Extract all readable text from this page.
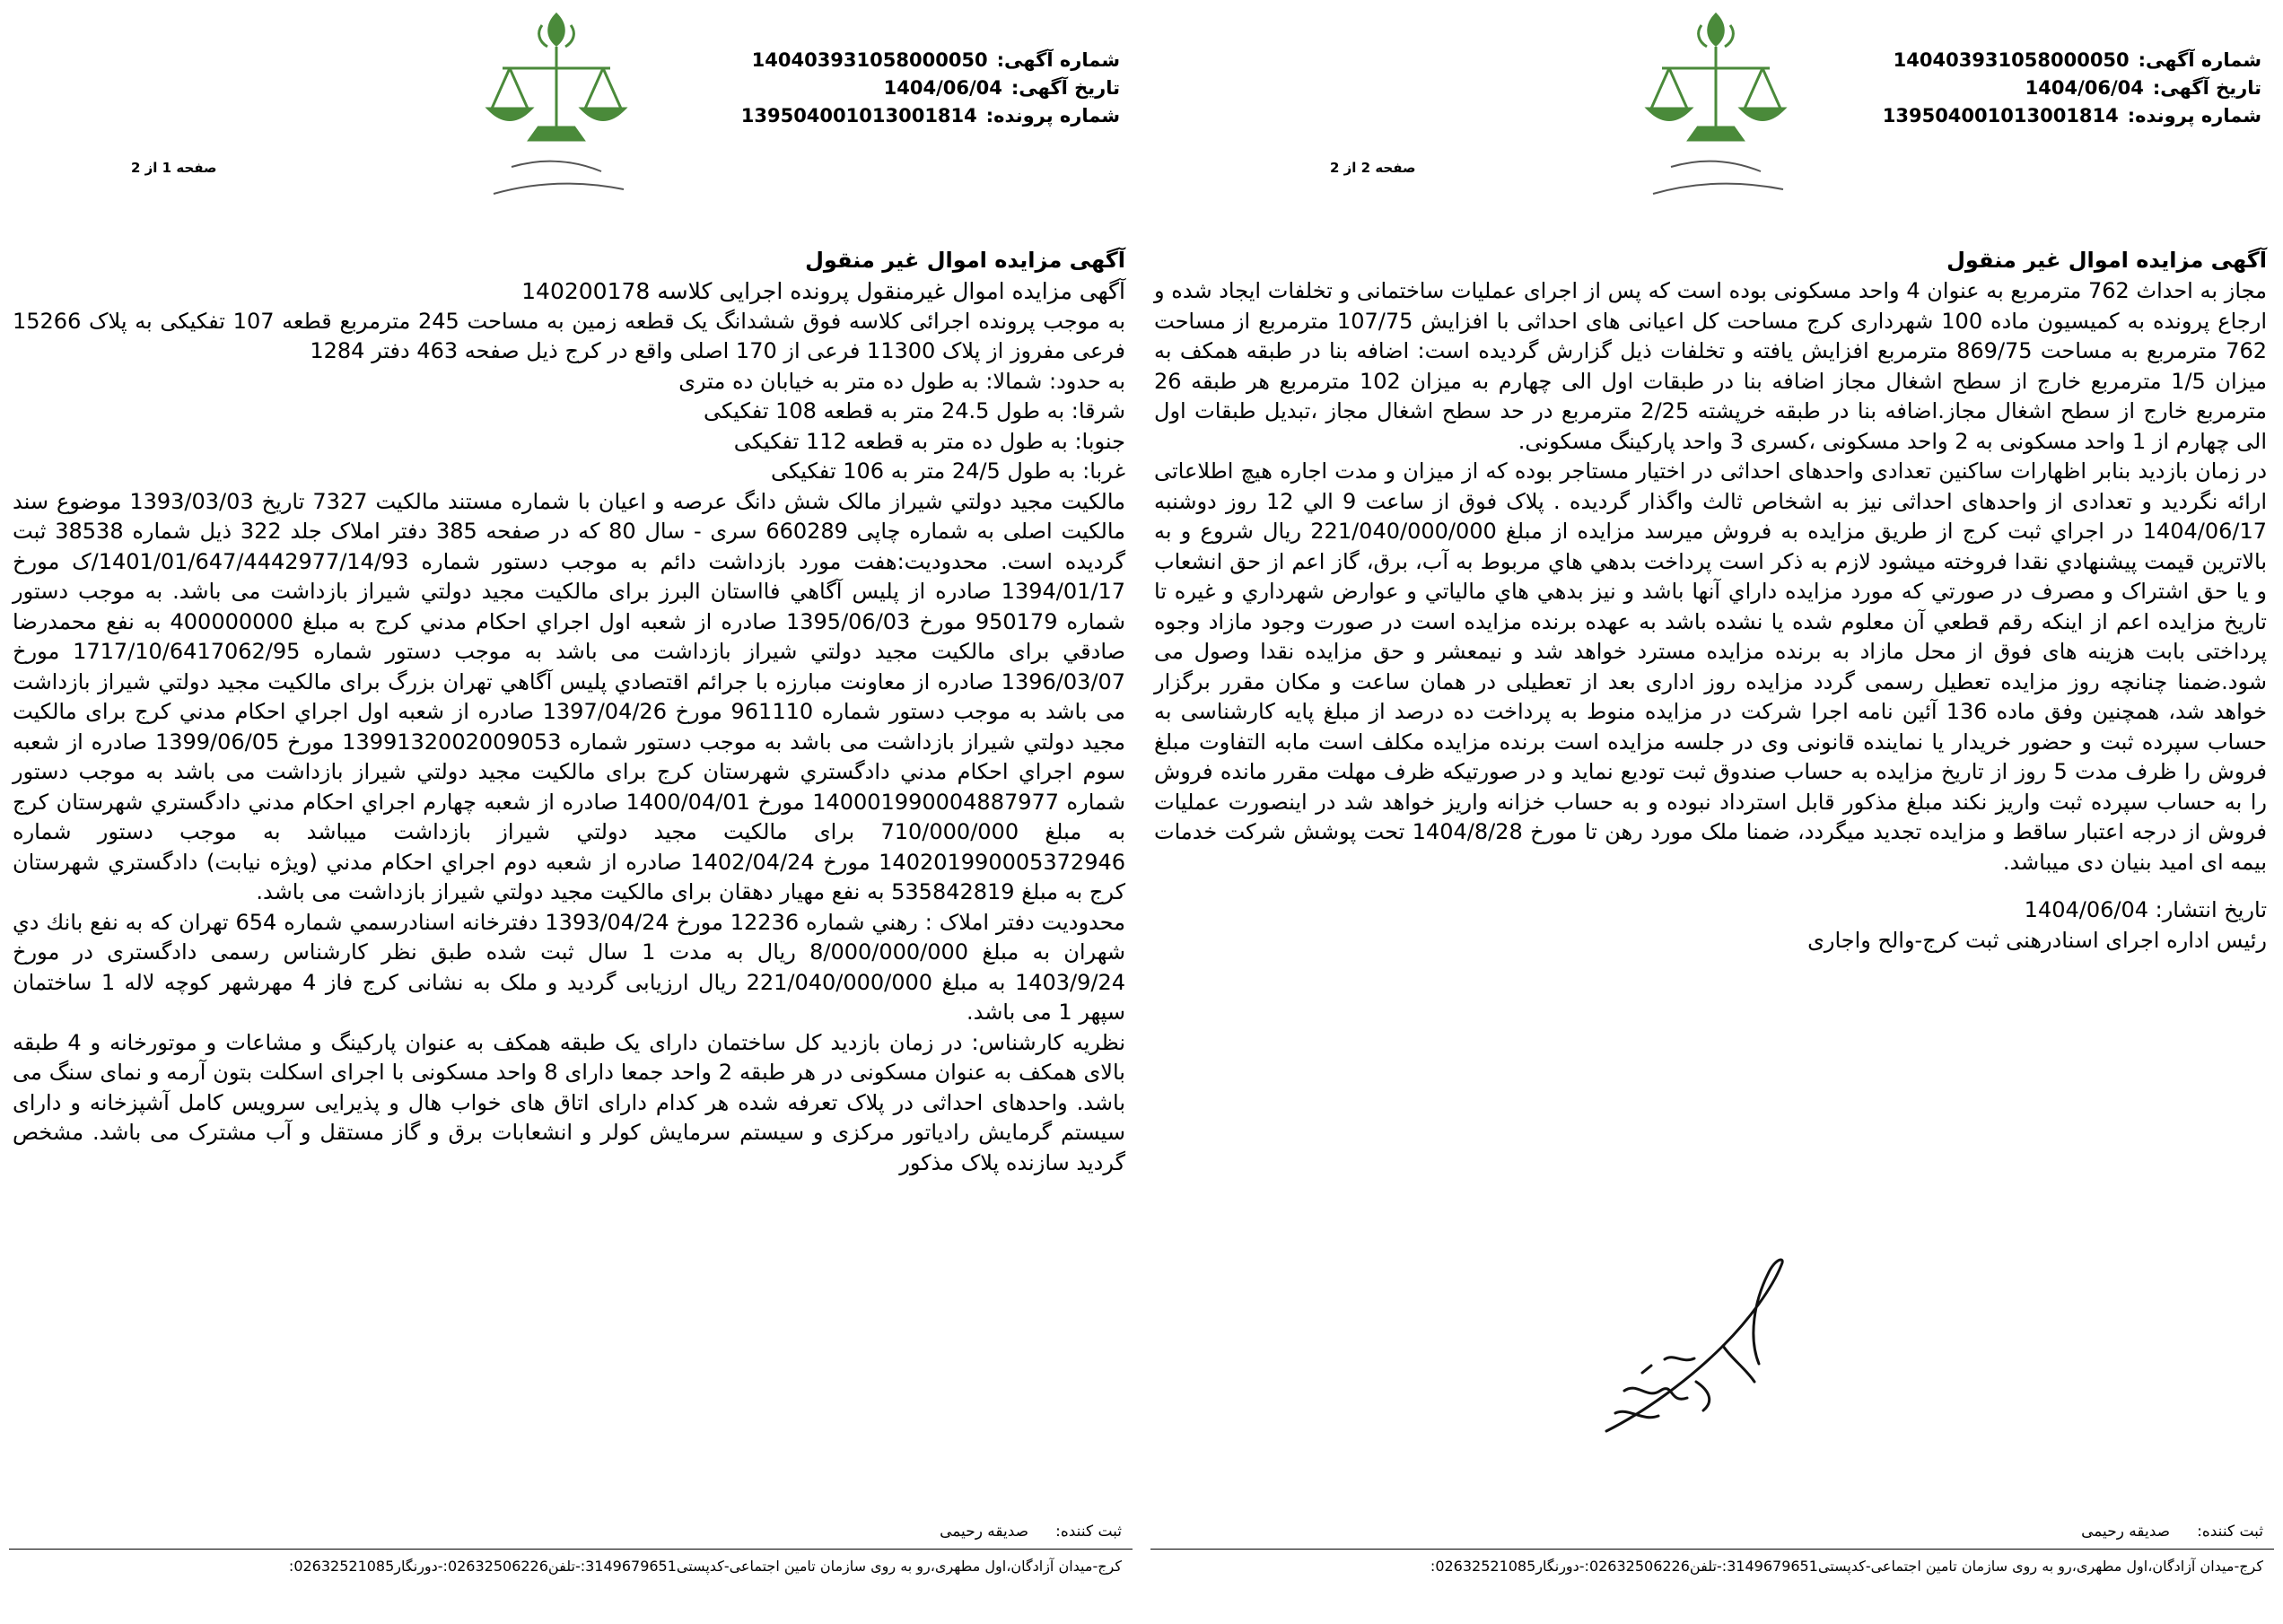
شماره آگهی:140403931058000050
تاریخ آگهی:1404/06/04
شماره پرونده:139504001013001814
صفحه 1 از 2
آگهی مزایده اموال غیر منقول

آگهی مزایده اموال غیرمنقول پرونده اجرایی کلاسه 140200178

به موجب پرونده اجرائی کلاسه فوق ششدانگ یک قطعه زمین به مساحت 245 مترمربع قطعه 107 تفکیکی به پلاک 15266 فرعی مفروز از پلاک 11300 فرعی از 170 اصلی واقع در کرج ذیل صفحه 463 دفتر 1284

به حدود: شمالا: به طول ده متر به خیابان ده متری

شرقا: به طول 24.5 متر به قطعه 108 تفکیکی

جنوبا: به طول ده متر به قطعه 112 تفکیکی

غربا: به طول 24/5 متر به 106 تفکیکی

مالکیت مجید دولتي شیراز مالک شش دانگ عرصه و اعیان با شماره مستند مالکیت 7327 تاریخ 1393/03/03 موضوع سند مالکیت اصلی به شماره چاپی 660289 سری - سال 80 که در صفحه 385 دفتر املاک جلد 322 ذیل شماره 38538 ثبت گردیده است. محدودیت:هفت مورد بازداشت دائم به موجب دستور شماره 1401/01/647/4442977/14/93/ک مورخ 1394/01/17 صادره از پلیس آگاهي فااستان البرز برای مالکیت مجید دولتي شیراز بازداشت می باشد. به موجب دستور شماره 950179 مورخ 1395/06/03 صادره از شعبه اول اجراي احكام مدني كرج به مبلغ 400000000 به نفع محمدرضا صادقي برای مالکیت مجید دولتي شیراز بازداشت می باشد به موجب دستور شماره 1717/10/6417062/95 مورخ 1396/03/07 صادره از معاونت مبارزه با جرائم اقتصادي پلیس آگاهي تهران بزرگ برای مالکیت مجید دولتي شیراز بازداشت می باشد به موجب دستور شماره 961110 مورخ 1397/04/26 صادره از شعبه اول اجراي احكام مدني كرج برای مالکیت مجید دولتي شیراز بازداشت می باشد به موجب دستور شماره 1399132002009053 مورخ 1399/06/05 صادره از شعبه سوم اجراي احكام مدني دادگستري شهرستان كرج برای مالکیت مجید دولتي شیراز بازداشت می باشد به موجب دستور شماره 140001990004887977 مورخ 1400/04/01 صادره از شعبه چهارم اجراي احكام مدني دادگستري شهرستان كرج به مبلغ 710/000/000 برای مالکیت مجید دولتي شیراز بازداشت میباشد به موجب دستور شماره 140201990005372946 مورخ 1402/04/24 صادره از شعبه دوم اجراي احكام مدني (ویژه نیابت) دادگستري شهرستان كرج به مبلغ 535842819 به نفع مهیار دهقان برای مالکیت مجید دولتي شیراز بازداشت می باشد.

محدودیت دفتر املاک : رهني شماره 12236 مورخ 1393/04/24 دفترخانه اسنادرسمي شماره 654 تهران که به نفع بانك دي شهران به مبلغ 8/000/000/000 ریال به مدت 1 سال ثبت شده طبق نظر کارشناس رسمی دادگستری در مورخ 1403/9/24 به مبلغ 221/040/000/000 ریال ارزیابی گردید و ملک به نشانی کرج فاز 4 مهرشهر کوچه لاله 1 ساختمان سپهر 1 می باشد.

نظریه کارشناس: در زمان بازدید کل ساختمان دارای یک طبقه همکف به عنوان پارکینگ و مشاعات و موتورخانه و 4 طبقه بالای همکف به عنوان مسکونی در هر طبقه 2 واحد جمعا دارای 8 واحد مسکونی با اجرای اسکلت بتون آرمه و نمای سنگ می باشد. واحدهای احداثی در پلاک تعرفه شده هر کدام دارای اتاق های خواب هال و پذیرایی سرویس کامل آشپزخانه و دارای سیستم گرمایش رادیاتور مرکزی و سیستم سرمایش کولر و انشعابات برق و گاز مستقل و آب مشترک می باشد. مشخص گردید سازنده پلاک مذکور

ثبت کننده:صدیقه رحیمی
کرج-میدان آزادگان،اول مطهری،رو به روی سازمان تامین اجتماعی-کدپستی3149679651:-تلفن02632506226:-دورنگار02632521085:
شماره آگهی:140403931058000050
تاریخ آگهی:1404/06/04
شماره پرونده:139504001013001814
صفحه 2 از 2
آگهی مزایده اموال غیر منقول

مجاز به احداث 762 مترمربع به عنوان 4 واحد مسکونی بوده است که پس از اجرای عملیات ساختمانی و تخلفات ایجاد شده و ارجاع پرونده به کمیسیون ماده 100 شهرداری کرج مساحت کل اعیانی های احداثی با افزایش 107/75 مترمربع از مساحت 762 مترمربع به مساحت 869/75 مترمربع افزایش یافته و تخلفات ذیل گزارش گردیده است: اضافه بنا در طبقه همکف به میزان 1/5 مترمربع خارج از سطح اشغال مجاز اضافه بنا در طبقات اول الی چهارم به میزان 102 مترمربع هر طبقه 26 مترمربع خارج از سطح اشغال مجاز.اضافه بنا در طبقه خرپشته 2/25 مترمربع در حد سطح اشغال مجاز ،تبدیل طبقات اول الی چهارم از 1 واحد مسکونی به 2 واحد مسکونی ،کسری 3 واحد پارکینگ مسکونی.

در زمان بازدید بنابر اظهارات ساکنین تعدادی واحدهای احداثی در اختیار مستاجر بوده که از میزان و مدت اجاره هیچ اطلاعاتی ارائه نگردید و تعدادی از واحدهای احداثی نیز به اشخاص ثالث واگذار گردیده . پلاک فوق از ساعت 9 الي 12 روز دوشنبه 1404/06/17 در اجراي ثبت کرج از طریق مزایده به فروش میرسد مزایده از مبلغ 221/040/000/000 ریال شروع و به بالاترین قیمت پیشنهادي نقدا فروخته میشود لازم به ذکر است پرداخت بدهي هاي مربوط به آب، برق، گاز اعم از حق انشعاب و یا حق اشتراک و مصرف در صورتي که مورد مزایده داراي آنها باشد و نیز بدهي هاي مالیاتي و عوارض شهرداري و غیره تا تاریخ مزایده اعم از اینکه رقم قطعي آن معلوم شده یا نشده باشد به عهده برنده مزایده است در صورت وجود مازاد وجوه پرداختی بابت هزینه های فوق از محل مازاد به برنده مزایده مسترد خواهد شد و نیمعشر و حق مزایده نقدا وصول می شود.ضمنا چنانچه روز مزایده تعطیل رسمی گردد مزایده روز اداری بعد از تعطیلی در همان ساعت و مکان مقرر برگزار خواهد شد، همچنین وفق ماده 136 آئین نامه اجرا شرکت در مزایده منوط به پرداخت ده درصد از مبلغ پایه کارشناسی به حساب سپرده ثبت و حضور خریدار یا نماینده قانونی وی در جلسه مزایده است برنده مزایده مکلف است مابه التفاوت مبلغ فروش را ظرف مدت 5 روز از تاریخ مزایده به حساب صندوق ثبت تودیع نماید و در صورتیکه ظرف مهلت مقرر مانده فروش را به حساب سپرده ثبت واریز نکند مبلغ مذکور قابل استرداد نبوده و به حساب خزانه واریز خواهد شد در اینصورت عملیات فروش از درجه اعتبار ساقط و مزایده تجدید میگردد، ضمنا ملک مورد رهن تا مورخ 1404/8/28 تحت پوشش شرکت خدمات بیمه ای امید بنیان دی میباشد.

تاریخ انتشار: 1404/06/04

رئیس اداره اجرای اسنادرهنی ثبت کرج-والح واجاری

ثبت کننده:صدیقه رحیمی
کرج-میدان آزادگان،اول مطهری،رو به روی سازمان تامین اجتماعی-کدپستی3149679651:-تلفن02632506226:-دورنگار02632521085:
